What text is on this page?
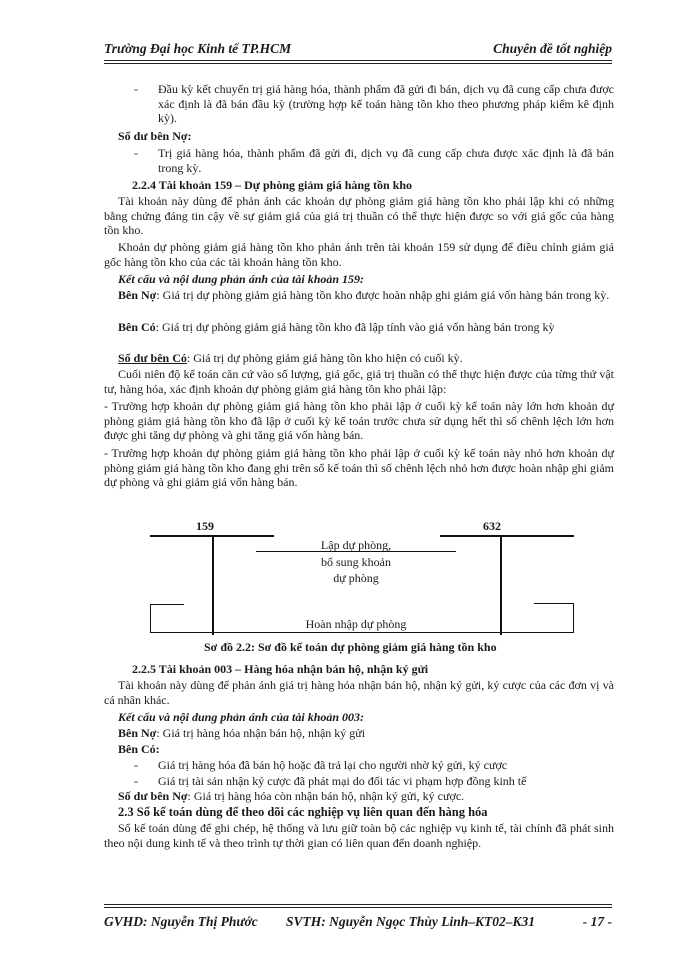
Trường Đại học Kinh tế TP.HCM	Chuyên đề tốt nghiệp
- Đầu kỳ kết chuyển trị giá hàng hóa, thành phẩm đã gửi đi bán, dịch vụ đã cung cấp chưa được xác định là đã bán đầu kỳ (trường hợp kế toán hàng tồn kho theo phương pháp kiểm kê định kỳ).
Số dư bên Nợ:
- Trị giá hàng hóa, thành phẩm đã gửi đi, dịch vụ đã cung cấp chưa được xác định là đã bán trong kỳ.
2.2.4 Tài khoản 159 – Dự phòng giảm giá hàng tồn kho
Tài khoản này dùng để phản ánh các khoản dự phòng giảm giá hàng tồn kho phải lập khi có những bằng chứng đáng tin cậy về sự giảm giá của giá trị thuần có thể thực hiện được so với giá gốc của hàng tồn kho.
Khoản dự phòng giảm giá hàng tồn kho phản ánh trên tài khoản 159 sử dụng để điều chỉnh giảm giá gốc hàng tồn kho của các tài khoản hàng tồn kho.
Kết cấu và nội dung phản ánh của tài khoản 159:
Bên Nợ: Giá trị dự phòng giảm giá hàng tồn kho được hoàn nhập ghi giảm giá vốn hàng bán trong kỳ.
Bên Có: Giá trị dự phòng giảm giá hàng tồn kho đã lập tính vào giá vốn hàng bán trong kỳ
Số dư bên Có: Giá trị dự phòng giảm giá hàng tồn kho hiện có cuối kỳ.
Cuối niên độ kế toán căn cứ vào số lượng, giá gốc, giá trị thuần có thể thực hiện được của từng thứ vật tư, hàng hóa, xác định khoản dự phòng giảm giá hàng tồn kho phải lập:
- Trường hợp khoản dự phòng giảm giá hàng tồn kho phải lập ở cuối kỳ kế toán này lớn hơn khoản dự phòng giảm giá hàng tồn kho đã lập ở cuối kỳ kế toán trước chưa sử dụng hết thì số chênh lệch lớn hơn được ghi tăng dự phòng và ghi tăng giá vốn hàng bán.
- Trường hợp khoản dự phòng giảm giá hàng tồn kho phải lập ở cuối kỳ kế toán này nhỏ hơn khoản dự phòng giảm giá hàng tồn kho đang ghi trên sổ kế toán thì số chênh lệch nhỏ hơn được hoàn nhập ghi giảm dự phòng và ghi giảm giá vốn hàng bán.
159	632
Lập dự phòng,
bổ sung khoản
dự phòng
Hoàn nhập dự phòng
Sơ đồ 2.2: Sơ đồ kế toán dự phòng giảm giá hàng tồn kho
2.2.5 Tài khoản 003 – Hàng hóa nhận bán hộ, nhận ký gửi
Tài khoản này dùng để phản ánh giá trị hàng hóa nhận bán hộ, nhận ký gửi, ký cược của các đơn vị và cá nhân khác.
Kết cấu và nội dung phản ánh của tài khoản 003:
Bên Nợ: Giá trị hàng hóa nhận bán hộ, nhận ký gửi
Bên Có:
- Giá trị hàng hóa đã bán hộ hoặc đã trả lại cho người nhờ ký gửi, ký cược
- Giá trị tài sản nhận ký cược đã phát mại do đối tác vi phạm hợp đồng kinh tế
Số dư bên Nợ: Giá trị hàng hóa còn nhận bán hộ, nhận ký gửi, ký cược.
2.3 Sổ kế toán dùng để theo dõi các nghiệp vụ liên quan đến hàng hóa
Sổ kế toán dùng để ghi chép, hệ thống và lưu giữ toàn bộ các nghiệp vụ kinh tế, tài chính đã phát sinh theo nội dung kinh tế và theo trình tự thời gian có liên quan đến doanh nghiệp.
GVHD: Nguyễn Thị Phước SVTH: Nguyễn Ngọc Thùy Linh–KT02–K31	- 17 -
